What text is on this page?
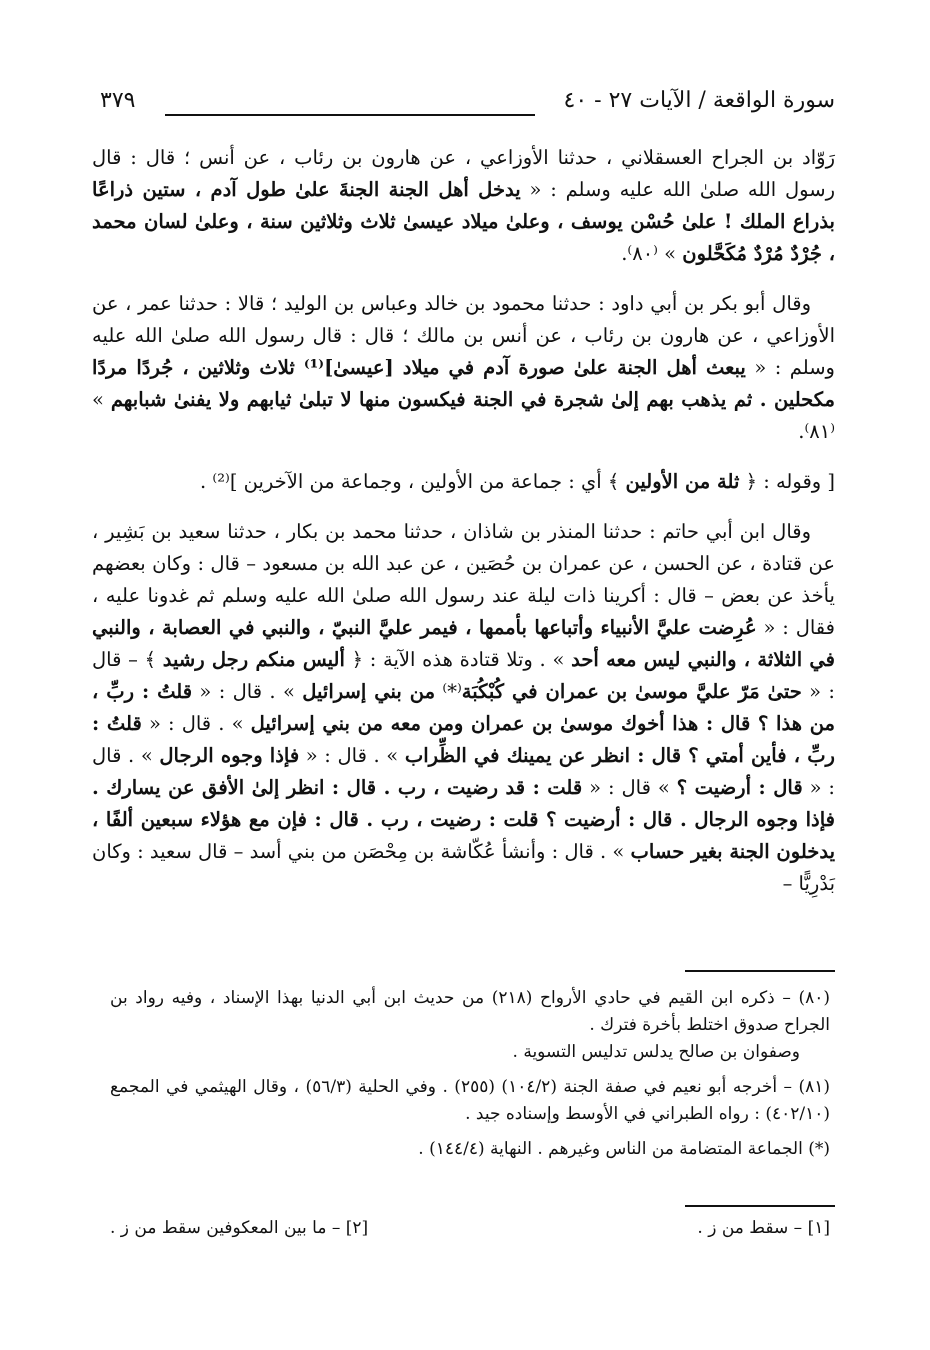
سورة الواقعة / الآيات ٢٧ - ٤٠
٣٧٩

رَوّاد بن الجراح العسقلاني ، حدثنا الأوزاعي ، عن هارون بن رئاب ، عن أنس ؛ قال : قال رسول الله صلىٰ الله عليه وسلم : « يدخل أهل الجنة الجنةَ علىٰ طول آدم ، ستين ذراعًا بذراع الملك ! علىٰ حُسْن يوسف ، وعلىٰ ميلاد عيسىٰ ثلاث وثلاثين سنة ، وعلىٰ لسان محمد ، جُرْدٌ مُرْدٌ مُكَحَّلون » ⁽٨٠⁾.

وقال أبو بكر بن أبي داود : حدثنا محمود بن خالد وعباس بن الوليد ؛ قالا : حدثنا عمر ، عن الأوزاعي ، عن هارون بن رئاب ، عن أنس بن مالك ؛ قال : قال رسول الله صلىٰ الله عليه وسلم : « يبعث أهل الجنة علىٰ صورة آدم في ميلاد [عيسىٰ]⁽¹⁾ ثلاث وثلاثين ، جُردًا مردًا مكحلين . ثم يذهب بهم إلىٰ شجرة في الجنة فيكسون منها لا تبلىٰ ثيابهم ولا يفنىٰ شبابهم » ⁽٨١⁾.

[ وقوله : ﴿ ثلة من الأولين ﴾ أي : جماعة من الأولين ، وجماعة من الآخرين ]⁽²⁾ .

وقال ابن أبي حاتم : حدثنا المنذر بن شاذان ، حدثنا محمد بن بكار ، حدثنا سعيد بن بَشِير ، عن قتادة ، عن الحسن ، عن عمران بن حُصَين ، عن عبد الله بن مسعود – قال : وكان بعضهم يأخذ عن بعض – قال : أكرينا ذات ليلة عند رسول الله صلىٰ الله عليه وسلم ثم غدونا عليه ، فقال : « عُرِضت عليَّ الأنبياء وأتباعها بأممها ، فيمر عليَّ النبيّ ، والنبي في العصابة ، والنبي في الثلاثة ، والنبي ليس معه أحد » . وتلا قتادة هذه الآية : ﴿ أليس منكم رجل رشيد ﴾ – قال : « حتىٰ مَرّ عليَّ موسىٰ بن عمران في كُبْكُبَة⁽*⁾ من بني إسرائيل » . قال : « قلتُ : ربِّ ، من هذا ؟ قال : هذا أخوك موسىٰ بن عمران ومن معه من بني إسرائيل » . قال : « قلتُ : ربِّ ، فأين أمتي ؟ قال : انظر عن يمينك في الظِّراب » . قال : « فإذا وجوه الرجال » . قال : « قال : أرضيت ؟ » قال : « قلت : قد رضيت ، رب . قال : انظر إلىٰ الأفق عن يسارك . فإذا وجوه الرجال . قال : أرضيت ؟ قلت : رضيت ، رب . قال : فإن مع هؤلاء سبعين ألفًا ، يدخلون الجنة بغير حساب » . قال : وأنشأ عُكّاشة بن مِحْصَن من بني أسد – قال سعيد : وكان بَدْرِيًّا –

(٨٠) – ذكره ابن القيم في حادي الأرواح (٢١٨) من حديث ابن أبي الدنيا بهذا الإسناد ، وفيه رواد بن الجراح صدوق اختلط بأخرة فترك .
وصفوان بن صالح يدلس تدليس التسوية .

(٨١) – أخرجه أبو نعيم في صفة الجنة (١٠٤/٢) (٢٥٥) . وفي الحلية (٥٦/٣) ، وقال الهيثمي في المجمع (٤٠٢/١٠) : رواه الطبراني في الأوسط وإسناده جيد .

(*) الجماعة المتضامة من الناس وغيرهم . النهاية (١٤٤/٤) .

[١] – سقط من ز .
[٢] – ما بين المعكوفين سقط من ز .
